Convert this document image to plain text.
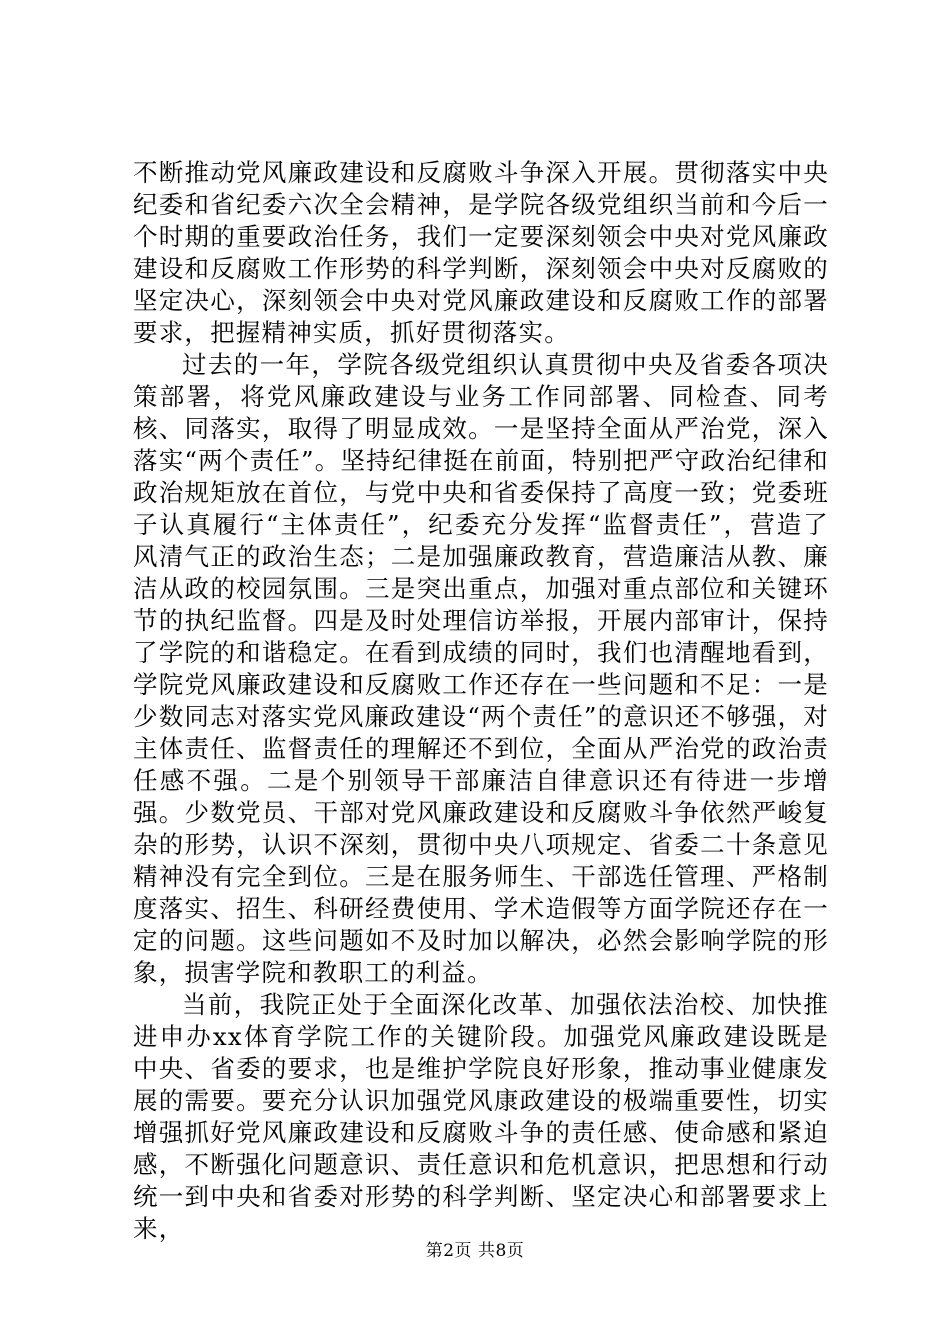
不断推动党风廉政建设和反腐败斗争深入开展。贯彻落实中央纪委和省纪委六次全会精神，是学院各级党组织当前和今后一个时期的重要政治任务，我们一定要深刻领会中央对党风廉政建设和反腐败工作形势的科学判断，深刻领会中央对反腐败的坚定决心，深刻领会中央对党风廉政建设和反腐败工作的部署要求，把握精神实质，抓好贯彻落实。

过去的一年，学院各级党组织认真贯彻中央及省委各项决策部署，将党风廉政建设与业务工作同部署、同检查、同考核、同落实，取得了明显成效。一是坚持全面从严治党，深入落实“两个责任”。坚持纪律挺在前面，特别把严守政治纪律和政治规矩放在首位，与党中央和省委保持了高度一致；党委班子认真履行“主体责任”，纪委充分发挥“监督责任”，营造了风清气正的政治生态；二是加强廉政教育，营造廉洁从教、廉洁从政的校园氛围。三是突出重点，加强对重点部位和关键环节的执纪监督。四是及时处理信访举报，开展内部审计，保持了学院的和谐稳定。在看到成绩的同时，我们也清醒地看到，学院党风廉政建设和反腐败工作还存在一些问题和不足：一是少数同志对落实党风廉政建设“两个责任”的意识还不够强，对主体责任、监督责任的理解还不到位，全面从严治党的政治责任感不强。二是个别领导干部廉洁自律意识还有待进一步增强。少数党员、干部对党风廉政建设和反腐败斗争依然严峻复杂的形势，认识不深刻，贯彻中央八项规定、省委二十条意见精神没有完全到位。三是在服务师生、干部选任管理、严格制度落实、招生、科研经费使用、学术造假等方面学院还存在一定的问题。这些问题如不及时加以解决，必然会影响学院的形象，损害学院和教职工的利益。

当前，我院正处于全面深化改革、加强依法治校、加快推进申办xx体育学院工作的关键阶段。加强党风廉政建设既是中央、省委的要求，也是维护学院良好形象，推动事业健康发展的需要。要充分认识加强党风康政建设的极端重要性，切实增强抓好党风廉政建设和反腐败斗争的责任感、使命感和紧迫感，不断强化问题意识、责任意识和危机意识，把思想和行动统一到中央和省委对形势的科学判断、坚定决心和部署要求上来，

第2页 共8页
